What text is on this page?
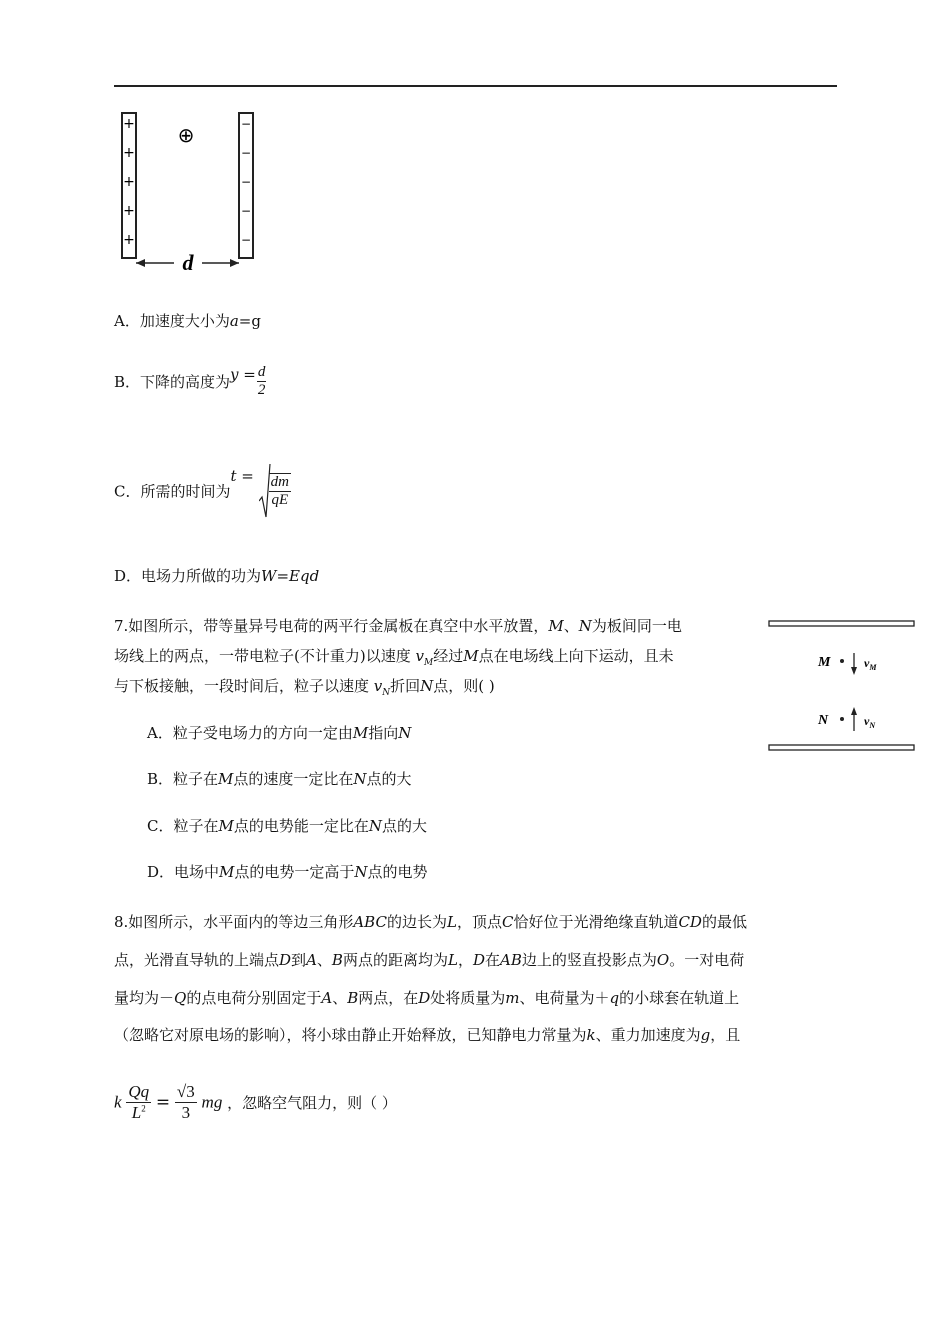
+
+
+
+
+
−
−
−
−
−
⊕
d
A．加速度大小为a=g
B．下降的高度为$y = \frac{d}{2}$
C．所需的时间为$t = \frac{dm}{qE}$
D．电场力所做的功为W=Eqd
7.如图所示，带等量异号电荷的两平行金属板在真空中水平放置，M、N为板间同一电
场线上的两点，一带电粒子(不计重力)以速度 $v_M$经过M点在电场线上向下运动，且未
与下板接触，一段时间后，粒子以速度 $v_N$折回N点，则( )
A．粒子受电场力的方向一定由M指向N
B．粒子在M点的速度一定比在N点的大
C．粒子在M点的电势能一定比在N点的大
D．电场中M点的电势一定高于N点的电势
M	$v_M$
N	$v_N$
8.如图所示，水平面内的等边三角形ABC的边长为L，顶点C恰好位于光滑绝缘直轨道CD的最低
点，光滑直导轨的上端点D到A、B两点的距离均为L，D在AB边上的竖直投影点为O。一对电荷
量均为－Q的点电荷分别固定于A、B两点，在D处将质量为m、电荷量为＋q的小球套在轨道上
（忽略它对原电场的影响），将小球由静止开始释放，已知静电力常量为k、重力加速度为g，且
k $\frac{Qq}{L^2} = \frac{√3}{3}$ mg ，忽略空气阻力，则（ ）
